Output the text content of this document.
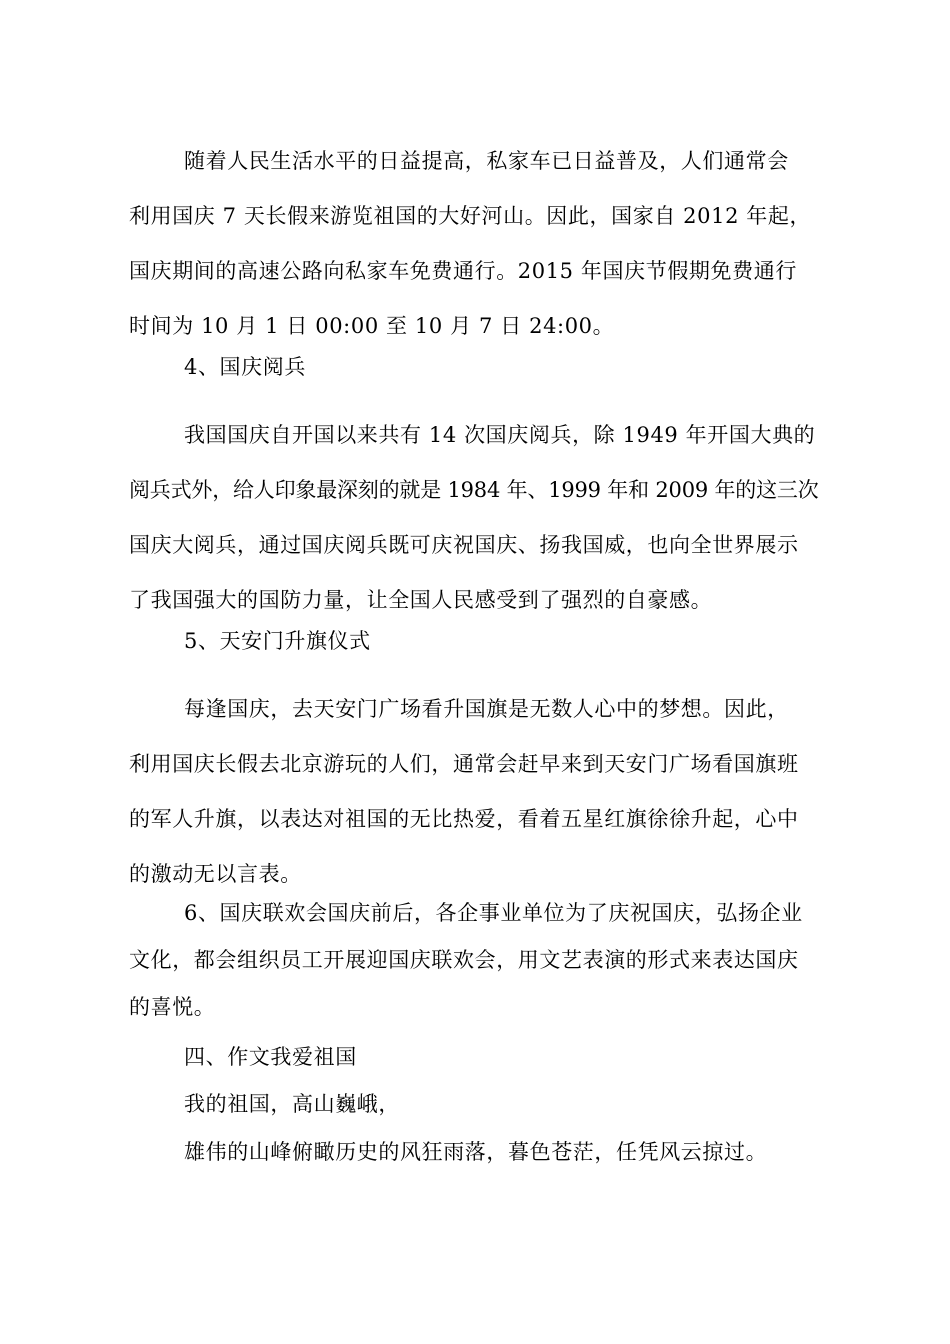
随着人民生活水平的日益提高，私家车已日益普及，人们通常会
利用国庆 7 天长假来游览祖国的大好河山。因此，国家自 2012 年起，
国庆期间的高速公路向私家车免费通行。2015 年国庆节假期免费通行
时间为 10 月 1 日 00:00 至 10 月 7 日 24:00。
4、国庆阅兵
我国国庆自开国以来共有 14 次国庆阅兵，除 1949 年开国大典的
阅兵式外，给人印象最深刻的就是 1984 年、1999 年和 2009 年的这三次
国庆大阅兵，通过国庆阅兵既可庆祝国庆、扬我国威，也向全世界展示
了我国强大的国防力量，让全国人民感受到了强烈的自豪感。
5、天安门升旗仪式
每逢国庆，去天安门广场看升国旗是无数人心中的梦想。因此，
利用国庆长假去北京游玩的人们，通常会赶早来到天安门广场看国旗班
的军人升旗，以表达对祖国的无比热爱，看着五星红旗徐徐升起，心中
的激动无以言表。
6、国庆联欢会国庆前后，各企事业单位为了庆祝国庆，弘扬企业
文化，都会组织员工开展迎国庆联欢会，用文艺表演的形式来表达国庆
的喜悦。
四、作文我爱祖国
我的祖国，高山巍峨，
雄伟的山峰俯瞰历史的风狂雨落，暮色苍茫，任凭风云掠过。
